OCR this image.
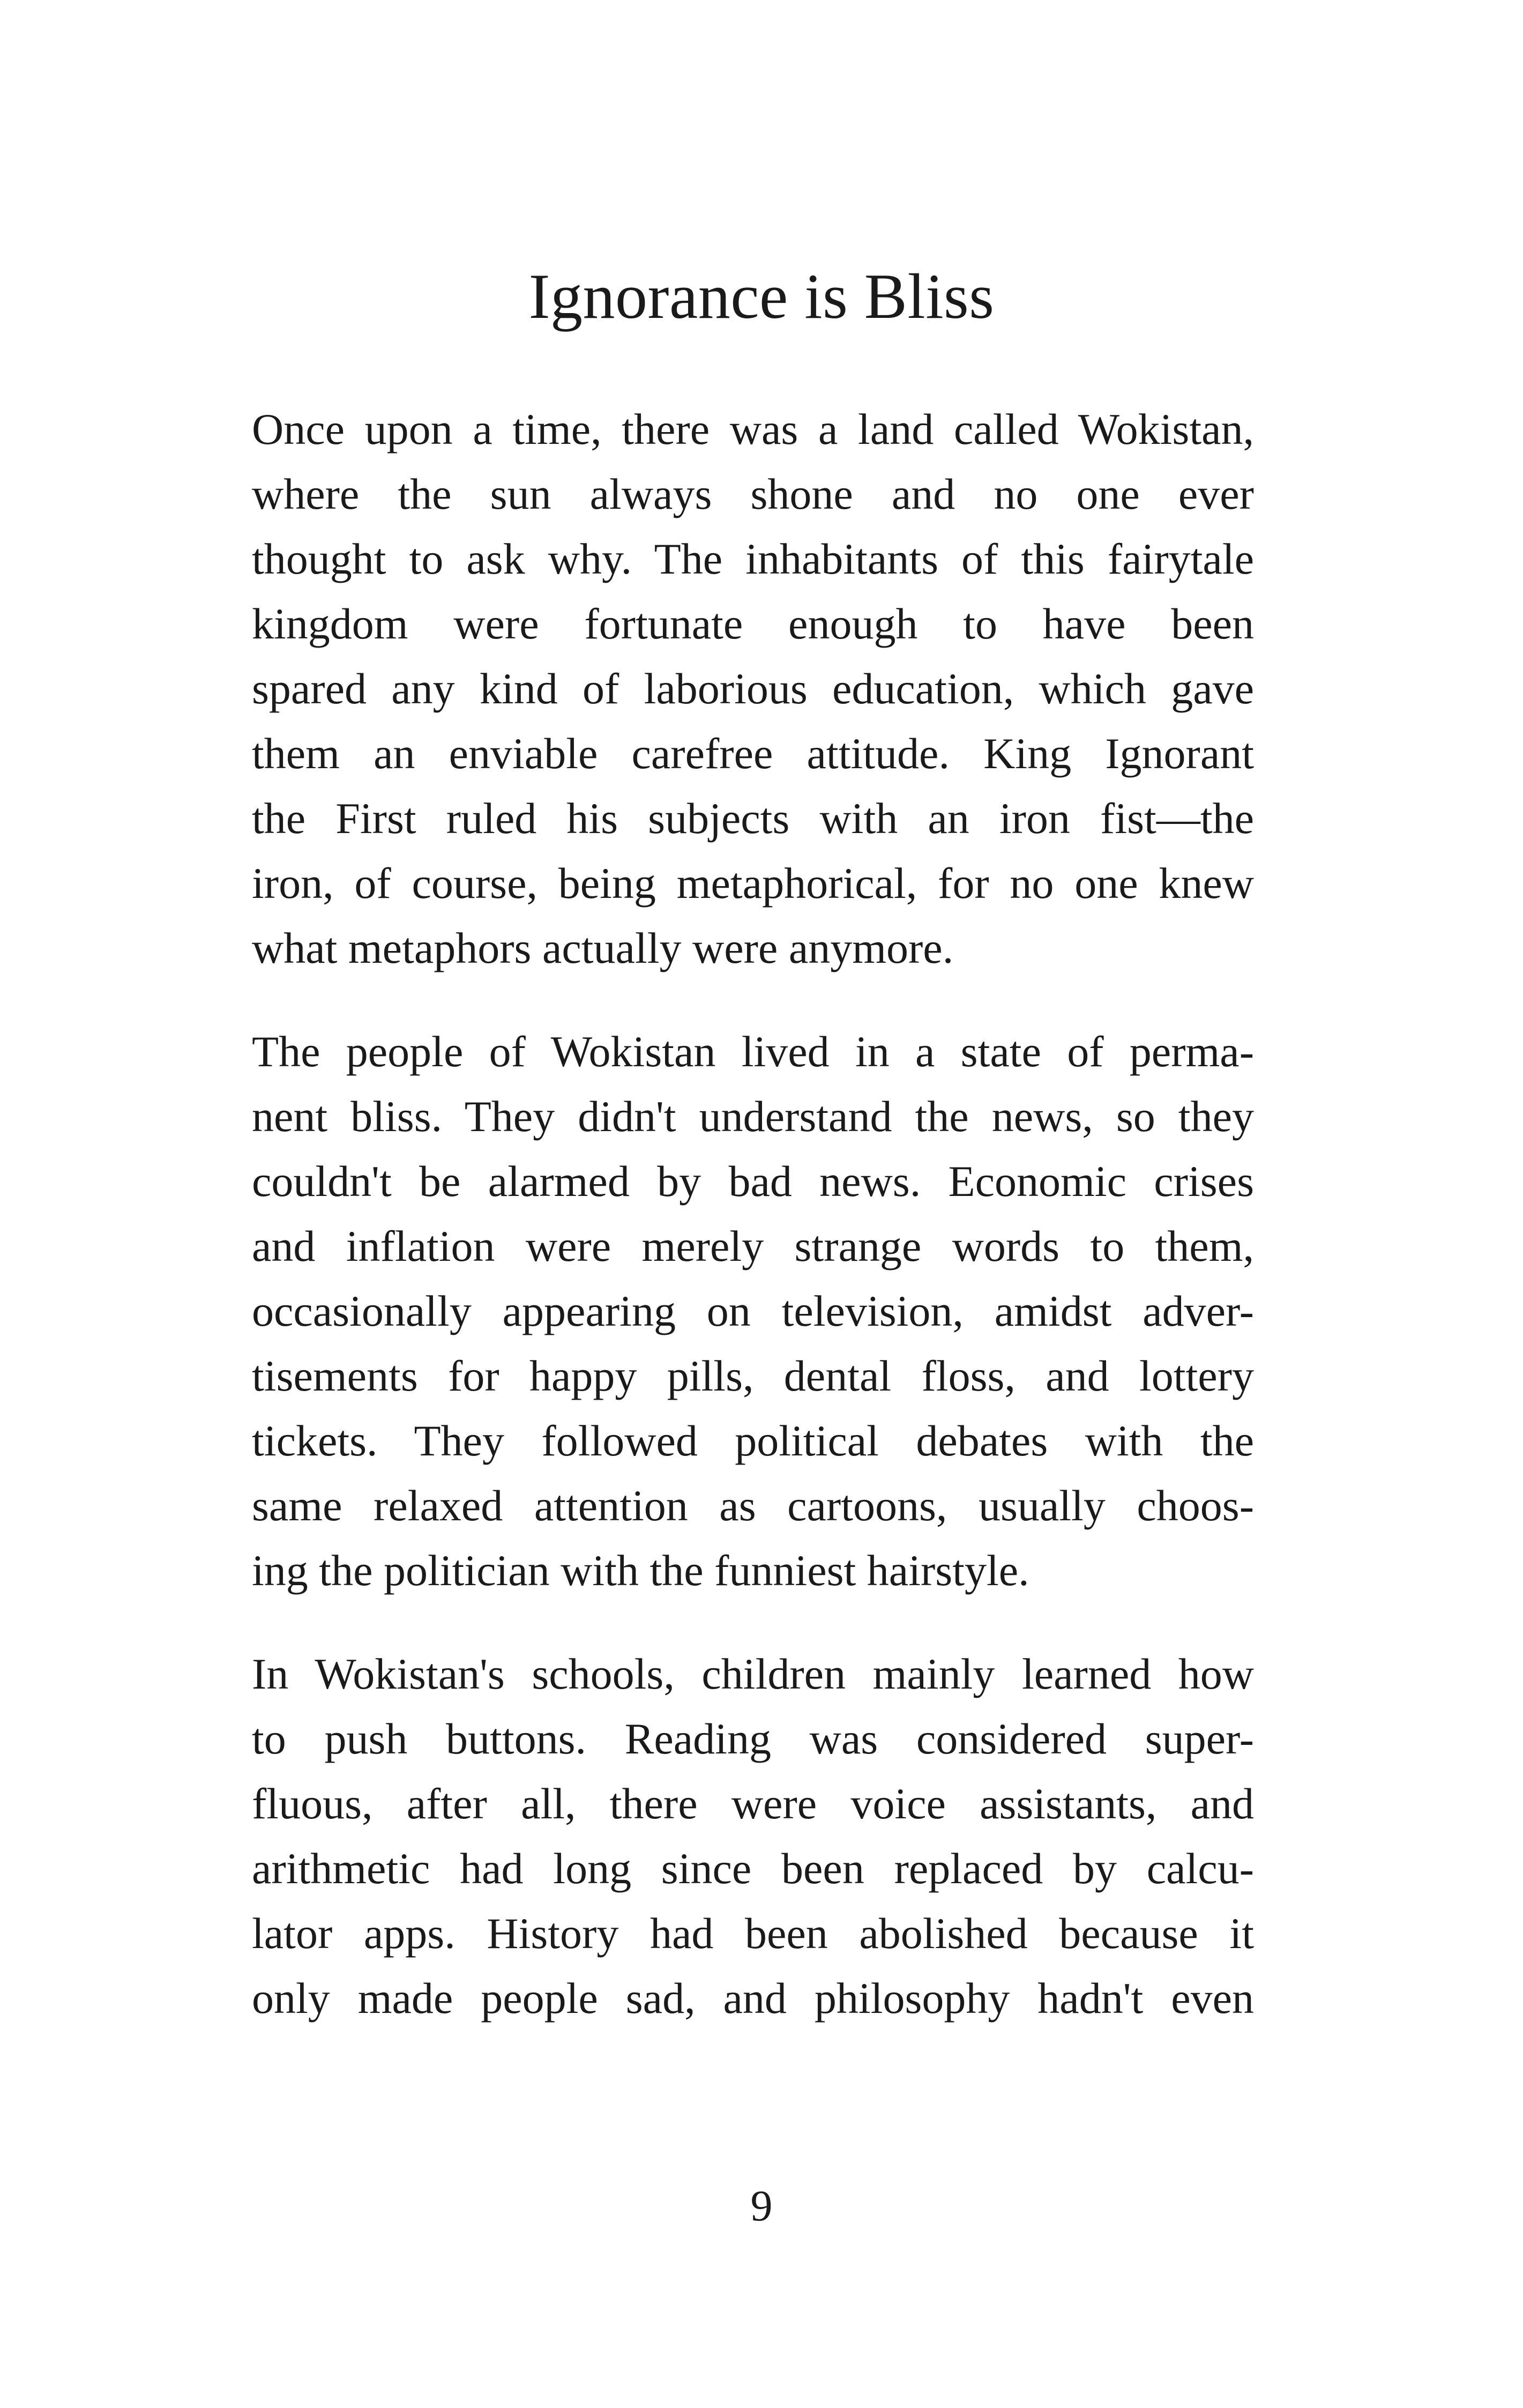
Ignorance is Bliss

Once upon a time, there was a land called Wokistan,
where the sun always shone and no one ever
thought to ask why. The inhabitants of this fairytale
kingdom were fortunate enough to have been
spared any kind of laborious education, which gave
them an enviable carefree attitude. King Ignorant
the First ruled his subjects with an iron fist—the
iron, of course, being metaphorical, for no one knew
what metaphors actually were anymore.

The people of Wokistan lived in a state of perma-
nent bliss. They didn't understand the news, so they
couldn't be alarmed by bad news. Economic crises
and inflation were merely strange words to them,
occasionally appearing on television, amidst adver-
tisements for happy pills, dental floss, and lottery
tickets. They followed political debates with the
same relaxed attention as cartoons, usually choos-
ing the politician with the funniest hairstyle.

In Wokistan's schools, children mainly learned how
to push buttons. Reading was considered super-
fluous, after all, there were voice assistants, and
arithmetic had long since been replaced by calcu-
lator apps. History had been abolished because it
only made people sad, and philosophy hadn't even

9
